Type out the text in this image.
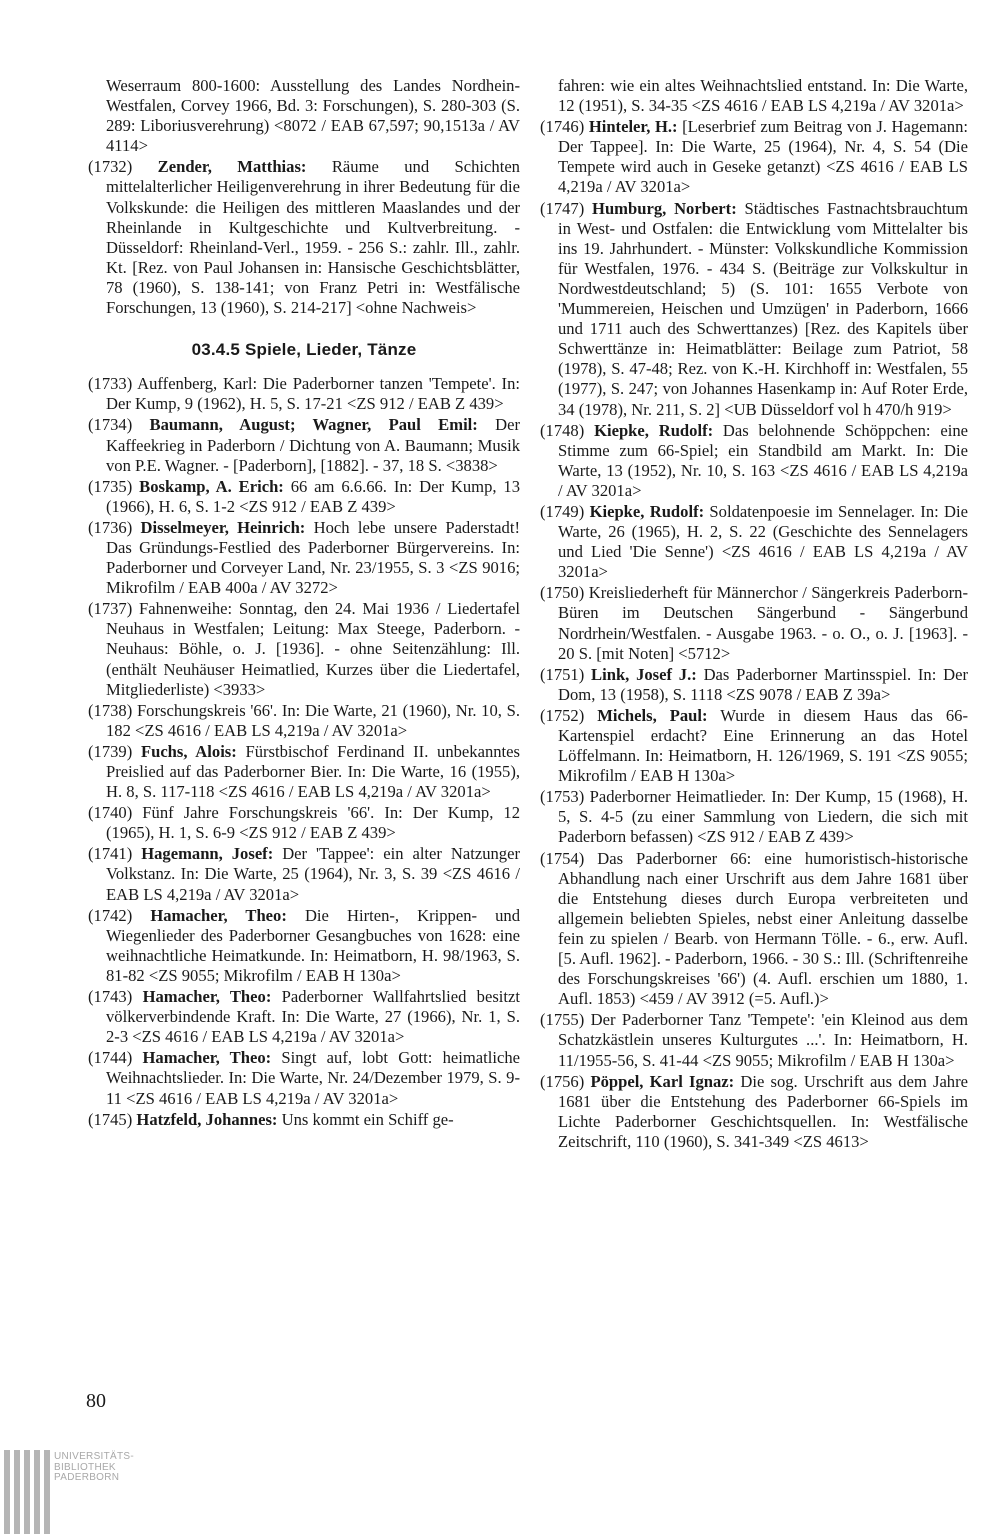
Weserraum 800-1600: Ausstellung des Landes Nordhein-Westfalen, Corvey 1966, Bd. 3: Forschungen), S. 280-303 (S. 289: Liboriusverehrung) <8072 / EAB 67,597; 90,1513a / AV 4114>

(1732) Zender, Matthias: Räume und Schichten mittelalterlicher Heiligenverehrung in ihrer Bedeutung für die Volkskunde: die Heiligen des mittleren Maaslandes und der Rheinlande in Kultgeschichte und Kultverbreitung. - Düsseldorf: Rheinland-Verl., 1959. - 256 S.: zahlr. Ill., zahlr. Kt. [Rez. von Paul Johansen in: Hansische Geschichtsblätter, 78 (1960), S. 138-141; von Franz Petri in: Westfälische Forschungen, 13 (1960), S. 214-217] <ohne Nachweis>

03.4.5 Spiele, Lieder, Tänze

(1733) Auffenberg, Karl: Die Paderborner tanzen 'Tempete'. In: Der Kump, 9 (1962), H. 5, S. 17-21 <ZS 912 / EAB Z 439>

(1734) Baumann, August; Wagner, Paul Emil: Der Kaffeekrieg in Paderborn / Dichtung von A. Baumann; Musik von P.E. Wagner. - [Paderborn], [1882]. - 37, 18 S. <3838>

(1735) Boskamp, A. Erich: 66 am 6.6.66. In: Der Kump, 13 (1966), H. 6, S. 1-2 <ZS 912 / EAB Z 439>

(1736) Disselmeyer, Heinrich: Hoch lebe unsere Paderstadt! Das Gründungs-Festlied des Paderborner Bürgervereins. In: Paderborner und Corveyer Land, Nr. 23/1955, S. 3 <ZS 9016; Mikrofilm / EAB 400a / AV 3272>

(1737) Fahnenweihe: Sonntag, den 24. Mai 1936 / Liedertafel Neuhaus in Westfalen; Leitung: Max Steege, Paderborn. - Neuhaus: Böhle, o. J. [1936]. - ohne Seitenzählung: Ill. (enthält Neuhäuser Heimatlied, Kurzes über die Liedertafel, Mitgliederliste) <3933>

(1738) Forschungskreis '66'. In: Die Warte, 21 (1960), Nr. 10, S. 182 <ZS 4616 / EAB LS 4,219a / AV 3201a>

(1739) Fuchs, Alois: Fürstbischof Ferdinand II. unbekanntes Preislied auf das Paderborner Bier. In: Die Warte, 16 (1955), H. 8, S. 117-118 <ZS 4616 / EAB LS 4,219a / AV 3201a>

(1740) Fünf Jahre Forschungskreis '66'. In: Der Kump, 12 (1965), H. 1, S. 6-9 <ZS 912 / EAB Z 439>

(1741) Hagemann, Josef: Der 'Tappee': ein alter Natzunger Volkstanz. In: Die Warte, 25 (1964), Nr. 3, S. 39 <ZS 4616 / EAB LS 4,219a / AV 3201a>

(1742) Hamacher, Theo: Die Hirten-, Krippen- und Wiegenlieder des Paderborner Gesangbuches von 1628: eine weihnachtliche Heimatkunde. In: Heimatborn, H. 98/1963, S. 81-82 <ZS 9055; Mikrofilm / EAB H 130a>

(1743) Hamacher, Theo: Paderborner Wallfahrtslied besitzt völkerverbindende Kraft. In: Die Warte, 27 (1966), Nr. 1, S. 2-3 <ZS 4616 / EAB LS 4,219a / AV 3201a>

(1744) Hamacher, Theo: Singt auf, lobt Gott: heimatliche Weihnachtslieder. In: Die Warte, Nr. 24/Dezember 1979, S. 9-11 <ZS 4616 / EAB LS 4,219a / AV 3201a>

(1745) Hatzfeld, Johannes: Uns kommt ein Schiff ge-

fahren: wie ein altes Weihnachtslied entstand. In: Die Warte, 12 (1951), S. 34-35 <ZS 4616 / EAB LS 4,219a / AV 3201a>

(1746) Hinteler, H.: [Leserbrief zum Beitrag von J. Hagemann: Der Tappee]. In: Die Warte, 25 (1964), Nr. 4, S. 54 (Die Tempete wird auch in Geseke getanzt) <ZS 4616 / EAB LS 4,219a / AV 3201a>

(1747) Humburg, Norbert: Städtisches Fastnachtsbrauchtum in West- und Ostfalen: die Entwicklung vom Mittelalter bis ins 19. Jahrhundert. - Münster: Volkskundliche Kommission für Westfalen, 1976. - 434 S. (Beiträge zur Volkskultur in Nordwestdeutschland; 5) (S. 101: 1655 Verbote von 'Mummereien, Heischen und Umzügen' in Paderborn, 1666 und 1711 auch des Schwerttanzes) [Rez. des Kapitels über Schwerttänze in: Heimatblätter: Beilage zum Patriot, 58 (1978), S. 47-48; Rez. von K.-H. Kirchhoff in: Westfalen, 55 (1977), S. 247; von Johannes Hasenkamp in: Auf Roter Erde, 34 (1978), Nr. 211, S. 2] <UB Düsseldorf vol h 470/h 919>

(1748) Kiepke, Rudolf: Das belohnende Schöppchen: eine Stimme zum 66-Spiel; ein Standbild am Markt. In: Die Warte, 13 (1952), Nr. 10, S. 163 <ZS 4616 / EAB LS 4,219a / AV 3201a>

(1749) Kiepke, Rudolf: Soldatenpoesie im Sennelager. In: Die Warte, 26 (1965), H. 2, S. 22 (Geschichte des Sennelagers und Lied 'Die Senne') <ZS 4616 / EAB LS 4,219a / AV 3201a>

(1750) Kreisliederheft für Männerchor / Sängerkreis Paderborn-Büren im Deutschen Sängerbund - Sängerbund Nordrhein/Westfalen. - Ausgabe 1963. - o. O., o. J. [1963]. - 20 S. [mit Noten] <5712>

(1751) Link, Josef J.: Das Paderborner Martinsspiel. In: Der Dom, 13 (1958), S. 1118 <ZS 9078 / EAB Z 39a>

(1752) Michels, Paul: Wurde in diesem Haus das 66-Kartenspiel erdacht? Eine Erinnerung an das Hotel Löffelmann. In: Heimatborn, H. 126/1969, S. 191 <ZS 9055; Mikrofilm / EAB H 130a>

(1753) Paderborner Heimatlieder. In: Der Kump, 15 (1968), H. 5, S. 4-5 (zu einer Sammlung von Liedern, die sich mit Paderborn befassen) <ZS 912 / EAB Z 439>

(1754) Das Paderborner 66: eine humoristisch-historische Abhandlung nach einer Urschrift aus dem Jahre 1681 über die Entstehung dieses durch Europa verbreiteten und allgemein beliebten Spieles, nebst einer Anleitung dasselbe fein zu spielen / Bearb. von Hermann Tölle. - 6., erw. Aufl. [5. Aufl. 1962]. - Paderborn, 1966. - 30 S.: Ill. (Schriftenreihe des Forschungskreises '66') (4. Aufl. erschien um 1880, 1. Aufl. 1853) <459 / AV 3912 (=5. Aufl.)>

(1755) Der Paderborner Tanz 'Tempete': 'ein Kleinod aus dem Schatzkästlein unseres Kulturgutes ...'. In: Heimatborn, H. 11/1955-56, S. 41-44 <ZS 9055; Mikrofilm / EAB H 130a>

(1756) Pöppel, Karl Ignaz: Die sog. Urschrift aus dem Jahre 1681 über die Entstehung des Paderborner 66-Spiels im Lichte Paderborner Geschichtsquellen. In: Westfälische Zeitschrift, 110 (1960), S. 341-349 <ZS 4613>

80
UNIVERSITÄTS-
BIBLIOTHEK
PADERBORN
